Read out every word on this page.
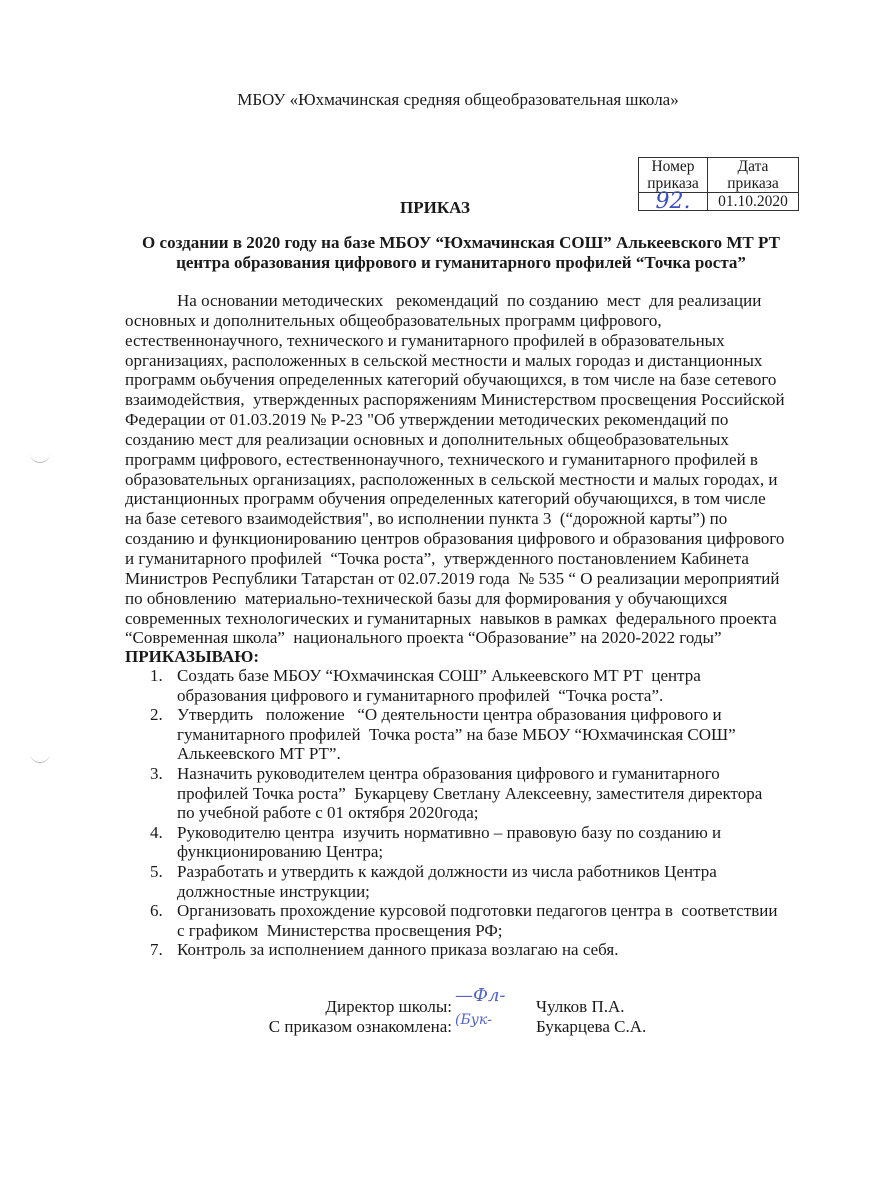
МБОУ «Юхмачинская средняя общеобразовательная школа»
Номер приказа	Дата приказа
92.	01.10.2020
ПРИКАЗ
О создании в 2020 году на базе МБОУ “Юхмачинская СОШ” Алькеевского МТ РТ
центра образования цифрового и гуманитарного профилей “Точка роста”
На основании методических   рекомендаций  по созданию  мест  для реализации
основных и дополнительных общеобразовательных программ цифрового,
естественнонаучного, технического и гуманитарного профилей в образовательных
организациях, расположенных в сельской местности и малых городаз и дистанционных
программ оьбучения определенных категорий обучающихся, в том числе на базе сетевого
взаимодействия,  утвержденных распоряжениям Министерством просвещения Российской
Федерации от 01.03.2019 № Р-23 "Об утверждении методических рекомендаций по
созданию мест для реализации основных и дополнительных общеобразовательных
программ цифрового, естественнонаучного, технического и гуманитарного профилей в
образовательных организациях, расположенных в сельской местности и малых городах, и
дистанционных программ обучения определенных категорий обучающихся, в том числе
на базе сетевого взаимодействия", во исполнении пункта 3  (“дорожной карты”) по
созданию и функционированию центров образования цифрового и образования цифрового
и гуманитарного профилей  “Точка роста”,  утвержденного постановлением Кабинета
Министров Республики Татарстан от 02.07.2019 года  № 535 “ О реализации мероприятий
по обновлению  материально-технической базы для формирования у обучающихся
современных технологических и гуманитарных  навыков в рамках  федерального проекта
“Современная школа”  национального проекта “Образование” на 2020-2022 годы”
ПРИКАЗЫВАЮ:
1. Создать базе МБОУ “Юхмачинская СОШ” Алькеевского МТ РТ  центра
образования цифрового и гуманитарного профилей  “Точка роста”.
2. Утвердить   положение   “О деятельности центра образования цифрового и
гуманитарного профилей  Точка роста” на базе МБОУ “Юхмачинская СОШ”
Алькеевского МТ РТ”.
3. Назначить руководителем центра образования цифрового и гуманитарного
профилей Точка роста”  Букарцеву Светлану Алексеевну, заместителя директора
по учебной работе с 01 октября 2020года;
4. Руководителю центра  изучить нормативно – правовую базу по созданию и
функционированию Центра;
5. Разработать и утвердить к каждой должности из числа работников Центра
должностные инструкции;
6. Организовать прохождение курсовой подготовки педагогов центра в  соответствии
с графиком  Министерства просвещения РФ;
7. Контроль за исполнением данного приказа возлагаю на себя.
Директор школы:
—Фл-
Чулков П.А.
С приказом ознакомлена: (Бук-	Букарцева С.А.
